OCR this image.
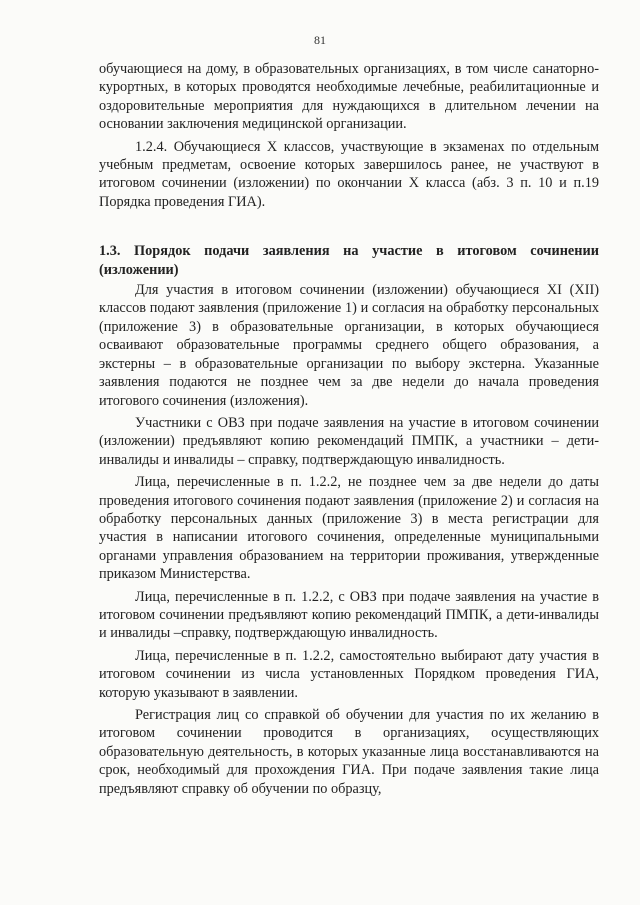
81

обучающиеся на дому, в образовательных организациях, в том числе санаторно-курортных, в которых проводятся необходимые лечебные, реабилитационные и оздоровительные мероприятия для нуждающихся в длительном лечении на основании заключения медицинской организации.

1.2.4. Обучающиеся X классов, участвующие в экзаменах по отдельным учебным предметам, освоение которых завершилось ранее, не участвуют в итоговом сочинении (изложении) по окончании X класса (абз. 3 п. 10 и п.19 Порядка проведения ГИА).

1.3. Порядок подачи заявления на участие в итоговом сочинении (изложении)

Для участия в итоговом сочинении (изложении) обучающиеся XI (XII) классов подают заявления (приложение 1) и согласия на обработку персональных (приложение 3) в образовательные организации, в которых обучающиеся осваивают образовательные программы среднего общего образования, а экстерны – в образовательные организации по выбору экстерна. Указанные заявления подаются не позднее чем за две недели до начала проведения итогового сочинения (изложения).

Участники с ОВЗ при подаче заявления на участие в итоговом сочинении (изложении) предъявляют копию рекомендаций ПМПК, а участники – дети-инвалиды и инвалиды – справку, подтверждающую инвалидность.

Лица, перечисленные в п. 1.2.2, не позднее чем за две недели до даты проведения итогового сочинения подают заявления (приложение 2) и согласия на обработку персональных данных (приложение 3) в места регистрации для участия в написании итогового сочинения, определенные муниципальными органами управления образованием на территории проживания, утвержденные приказом Министерства.

Лица, перечисленные в п. 1.2.2, с ОВЗ при подаче заявления на участие в итоговом сочинении предъявляют копию рекомендаций ПМПК, а дети-инвалиды и инвалиды –справку, подтверждающую инвалидность.

Лица, перечисленные в п. 1.2.2, самостоятельно выбирают дату участия в итоговом сочинении из числа установленных Порядком проведения ГИА, которую указывают в заявлении.

Регистрация лиц со справкой об обучении для участия по их желанию в итоговом сочинении проводится в организациях, осуществляющих образовательную деятельность, в которых указанные лица восстанавливаются на срок, необходимый для прохождения ГИА. При подаче заявления такие лица предъявляют справку об обучении по образцу,
